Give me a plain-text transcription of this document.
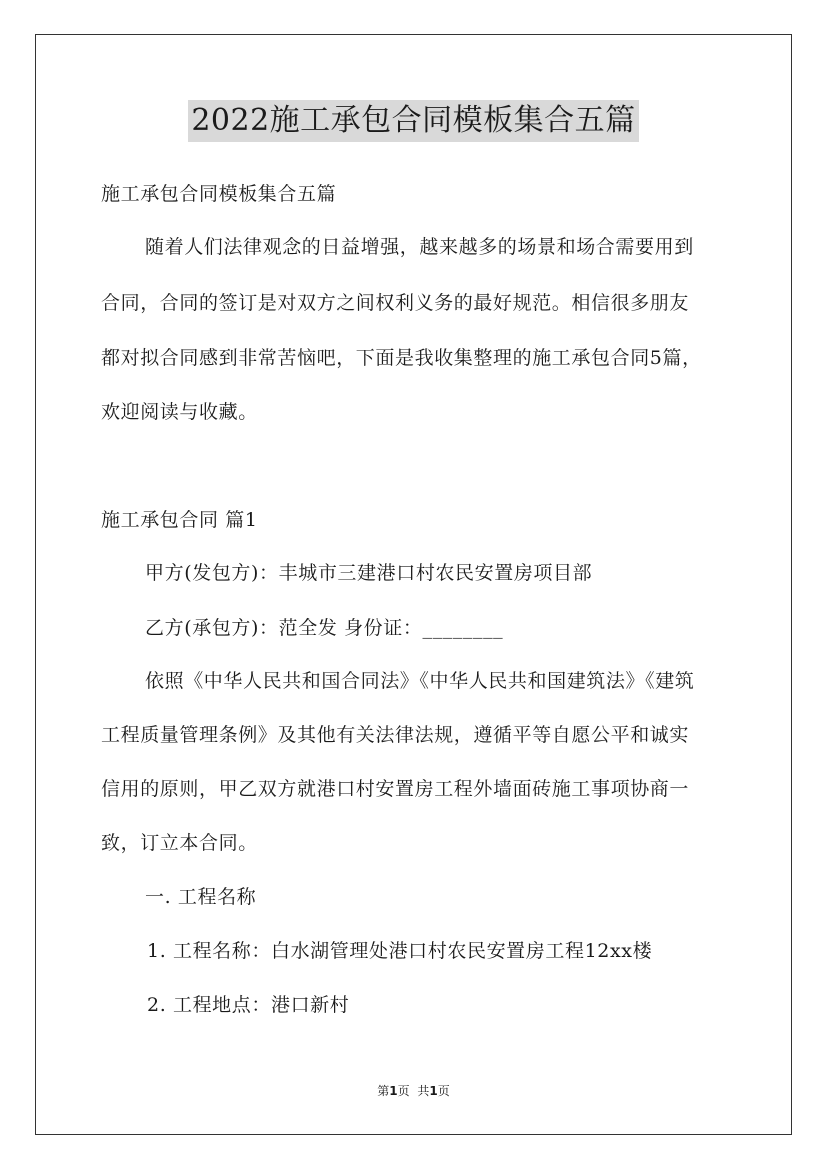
2022施工承包合同模板集合五篇
施工承包合同模板集合五篇
随着人们法律观念的日益增强，越来越多的场景和场合需要用到
合同，合同的签订是对双方之间权利义务的最好规范。相信很多朋友
都对拟合同感到非常苦恼吧，下面是我收集整理的施工承包合同5篇，
欢迎阅读与收藏。
施工承包合同 篇1
甲方(发包方)：丰城市三建港口村农民安置房项目部
乙方(承包方)：范全发 身份证：________
依照《中华人民共和国合同法》《中华人民共和国建筑法》《建筑
工程质量管理条例》及其他有关法律法规，遵循平等自愿公平和诚实
信用的原则，甲乙双方就港口村安置房工程外墙面砖施工事项协商一
致，订立本合同。
一. 工程名称
1. 工程名称：白水湖管理处港口村农民安置房工程12xx楼
2. 工程地点：港口新村
第1页 共1页
